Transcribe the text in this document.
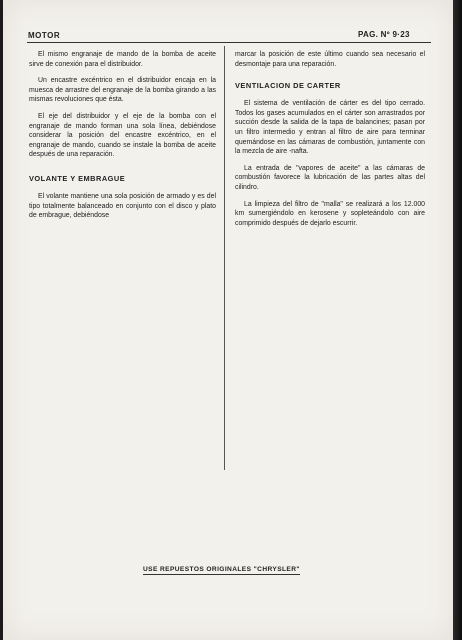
MOTOR	PAG. Nº 9·23

El mismo engranaje de mando de la bomba de aceite sirve de conexión para el distribuidor.

Un encastre excéntrico en el distribuidor encaja en la muesca de arrastre del engranaje de la bomba girando a las mismas revoluciones que ésta.

El eje del distribuidor y el eje de la bomba con el engranaje de mando forman una sola línea, debiéndose considerar la posición del encastre excéntrico, en el engranaje de mando, cuando se instale la bomba de aceite después de una reparación.

VOLANTE Y EMBRAGUE

El volante mantiene una sola posición de armado y es del tipo totalmente balanceado en conjunto con el disco y plato de embrague, debiéndose

marcar la posición de este último cuando sea necesario el desmontaje para una reparación.

VENTILACION DE CARTER

El sistema de ventilación de cárter es del tipo cerrado. Todos los gases acumulados en el cárter son arrastrados por succión desde la salida de la tapa de balancines; pasan por un filtro intermedio y entran al filtro de aire para terminar quemándose en las cámaras de combustión, juntamente con la mezcla de aire -nafta.

La entrada de "vapores de aceite" a las cámaras de combustión favorece la lubricación de las partes altas del cilindro.

La limpieza del filtro de "malla" se realizará a los 12.000 km sumergiéndolo en kerosene y sopleteándolo con aire comprimido después de dejarlo escurrir.

USE REPUESTOS ORIGINALES "CHRYSLER"
